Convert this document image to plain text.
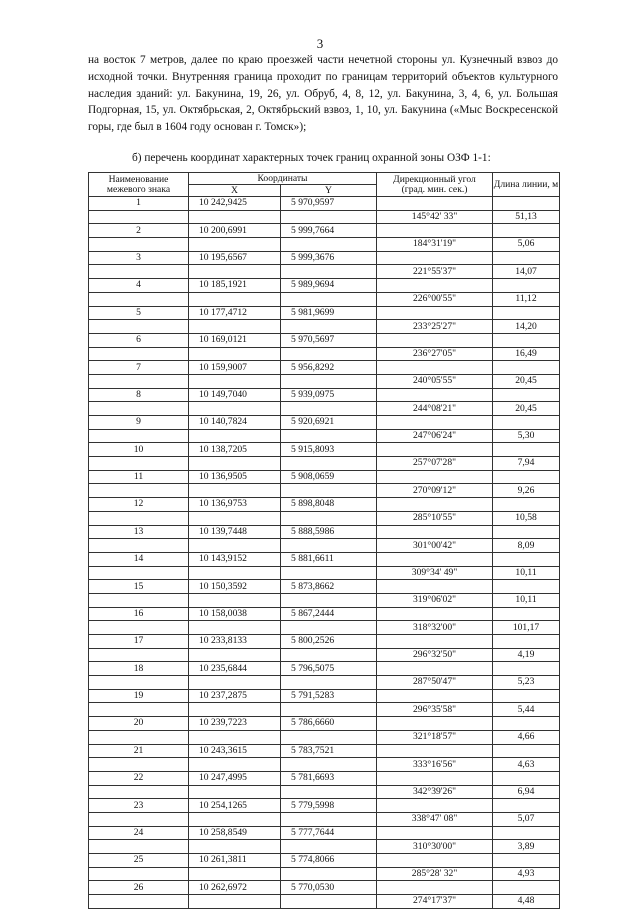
3

на восток 7 метров, далее по краю проезжей части нечетной стороны ул. Кузнечный взвоз до исходной точки. Внутренняя граница проходит по границам территорий объектов культурного наследия зданий: ул. Бакунина, 19, 26, ул. Обруб, 4, 8, 12, ул. Бакунина, 3, 4, 6, ул. Большая Подгорная, 15, ул. Октябрьская, 2, Октябрьский взвоз, 1, 10, ул. Бакунина («Мыс Воскресенской горы, где был в 1604 году основан г. Томск»);

б) перечень координат характерных точек границ охранной зоны ОЗФ 1-1:

Наименование межевого знака	Координаты		Дирекционный угол (град. мин. сек.)	Длина линии, м
	X	Y		
1	10 242,9425	5 970,9597		
			145°42' 33"	51,13
2	10 200,6991	5 999,7664		
			184°31'19"	5,06
3	10 195,6567	5 999,3676		
			221°55'37"	14,07
4	10 185,1921	5 989,9694		
			226°00'55"	11,12
5	10 177,4712	5 981,9699		
			233°25'27"	14,20
6	10 169,0121	5 970,5697		
			236°27'05"	16,49
7	10 159,9007	5 956,8292		
			240°05'55"	20,45
8	10 149,7040	5 939,0975		
			244°08'21"	20,45
9	10 140,7824	5 920,6921		
			247°06'24"	5,30
10	10 138,7205	5 915,8093		
			257°07'28"	7,94
11	10 136,9505	5 908,0659		
			270°09'12"	9,26
12	10 136,9753	5 898,8048		
			285°10'55"	10,58
13	10 139,7448	5 888,5986		
			301°00'42"	8,09
14	10 143,9152	5 881,6611		
			309°34' 49"	10,11
15	10 150,3592	5 873,8662		
			319°06'02"	10,11
16	10 158,0038	5 867,2444		
			318°32'00"	101,17
17	10 233,8133	5 800,2526		
			296°32'50"	4,19
18	10 235,6844	5 796,5075		
			287°50'47"	5,23
19	10 237,2875	5 791,5283		
			296°35'58"	5,44
20	10 239,7223	5 786,6660		
			321°18'57"	4,66
21	10 243,3615	5 783,7521		
			333°16'56"	4,63
22	10 247,4995	5 781,6693		
			342°39'26"	6,94
23	10 254,1265	5 779,5998		
			338°47' 08"	5,07
24	10 258,8549	5 777,7644		
			310°30'00"	3,89
25	10 261,3811	5 774,8066		
			285°28' 32"	4,93
26	10 262,6972	5 770,0530		
			274°17'37"	4,48
